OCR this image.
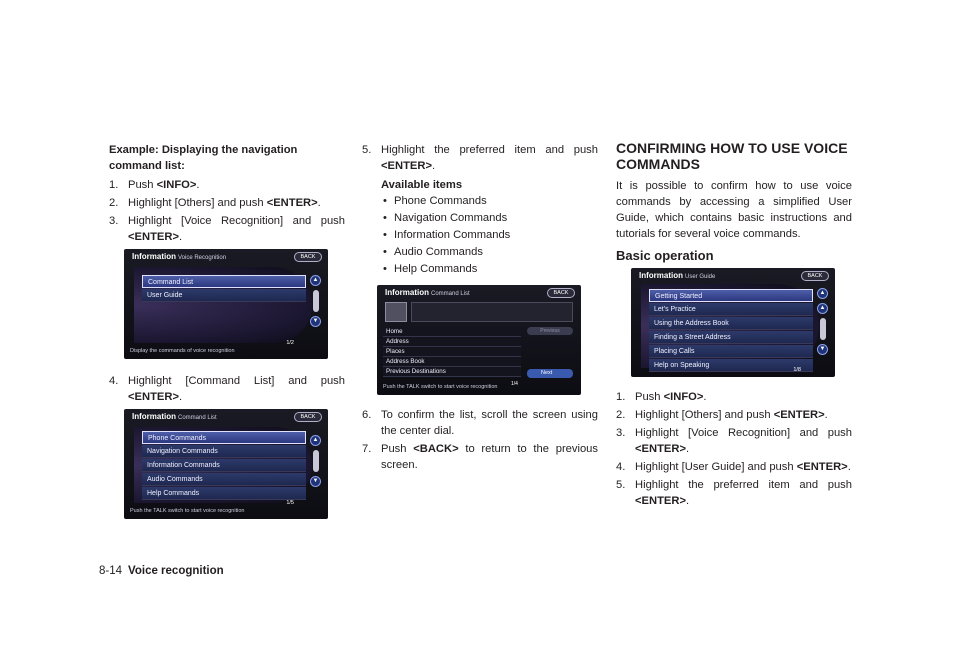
Example: Displaying the navigation command list:
1. Push <INFO>.
2. Highlight [Others] and push <ENTER>.
3. Highlight [Voice Recognition] and push <ENTER>.
Information Voice Recognition	BACK
Command List
User Guide
▲
▼
1/2
Display the commands of voice recognition
4. Highlight [Command List] and push <ENTER>.
Information Command List	BACK
Phone Commands
Navigation Commands
Information Commands
Audio Commands
Help Commands
▲
▼
1/5
Push the TALK switch to start voice recognition
5. Highlight the preferred item and push <ENTER>.
Available items
• Phone Commands
• Navigation Commands
• Information Commands
• Audio Commands
• Help Commands
Information Command List	BACK
Home
Address
Places
Address Book
Previous Destinations
Previous
Next
1/4
Push the TALK switch to start voice recognition
6. To confirm the list, scroll the screen using the center dial.
7. Push <BACK> to return to the previous screen.
CONFIRMING HOW TO USE VOICE COMMANDS
It is possible to confirm how to use voice commands by accessing a simplified User Guide, which contains basic instructions and tutorials for several voice commands.
Basic operation
Information User Guide	BACK
Getting Started
Let's Practice
Using the Address Book
Finding a Street Address
Placing Calls
Help on Speaking
▲
▲
▼
1/8
1. Push <INFO>.
2. Highlight [Others] and push <ENTER>.
3. Highlight [Voice Recognition] and push <ENTER>.
4. Highlight [User Guide] and push <ENTER>.
5. Highlight the preferred item and push <ENTER>.
8-14 Voice recognition
